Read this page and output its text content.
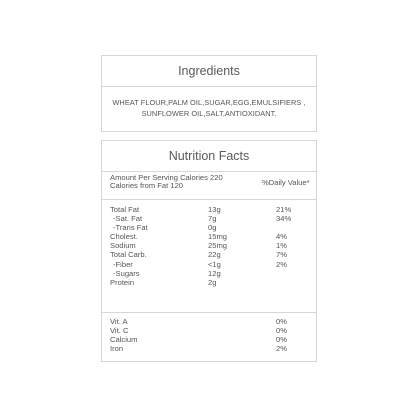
Ingredients
WHEAT FLOUR,PALM OIL,SUGAR,EGG,EMULSIFIERS ,
SUNFLOWER OIL,SALT,ANTIOXIDANT.
Nutrition Facts
Amount Per Serving Calories 220
Calories from Fat 120	%Daily Value*
Total Fat	13g	21%
-Sat. Fat	7g	34%
-Trans Fat	0g
Cholest.	15mg	4%
Sodium	25mg	1%
Total Carb.	22g	7%
-Fiber	<1g	2%
-Sugars	12g
Protein	2g
Vit. A	0%
Vit. C	0%
Calcium	0%
Iron	2%
